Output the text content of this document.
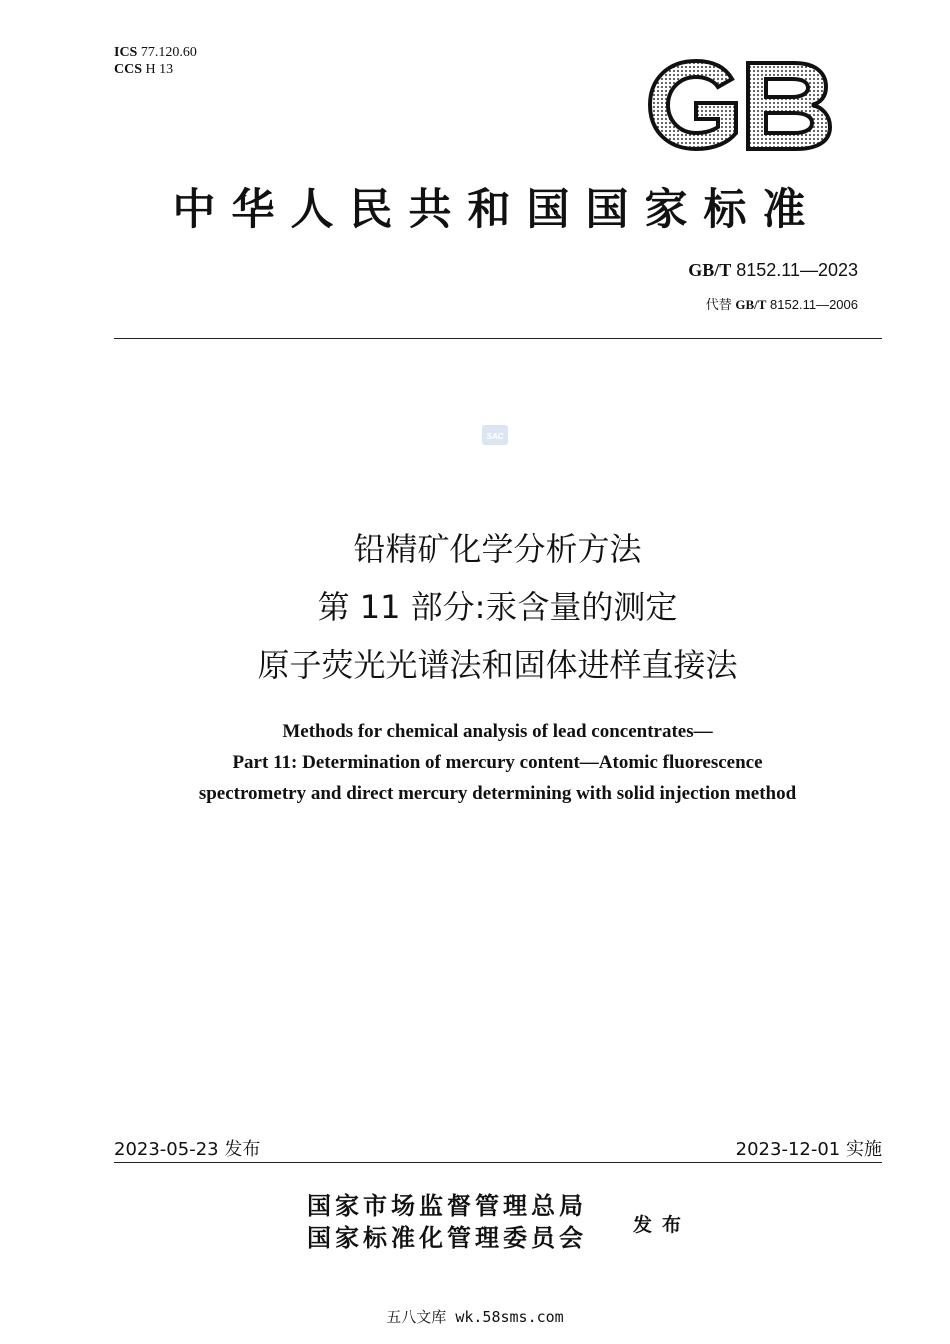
ICS 77.120.60
CCS H 13
中华人民共和国国家标准
GB/T 8152.11—2023
代替 GB/T 8152.11—2006
SAC
铅精矿化学分析方法
第 11 部分:汞含量的测定
原子荧光光谱法和固体进样直接法
Methods for chemical analysis of lead concentrates—
Part 11: Determination of mercury content—Atomic fluorescence
spectrometry and direct mercury determining with solid injection method
2023-05-23 发布	2023-12-01 实施
国家市场监督管理总局
国家标准化管理委员会 发布
五八文库 wk.58sms.com
